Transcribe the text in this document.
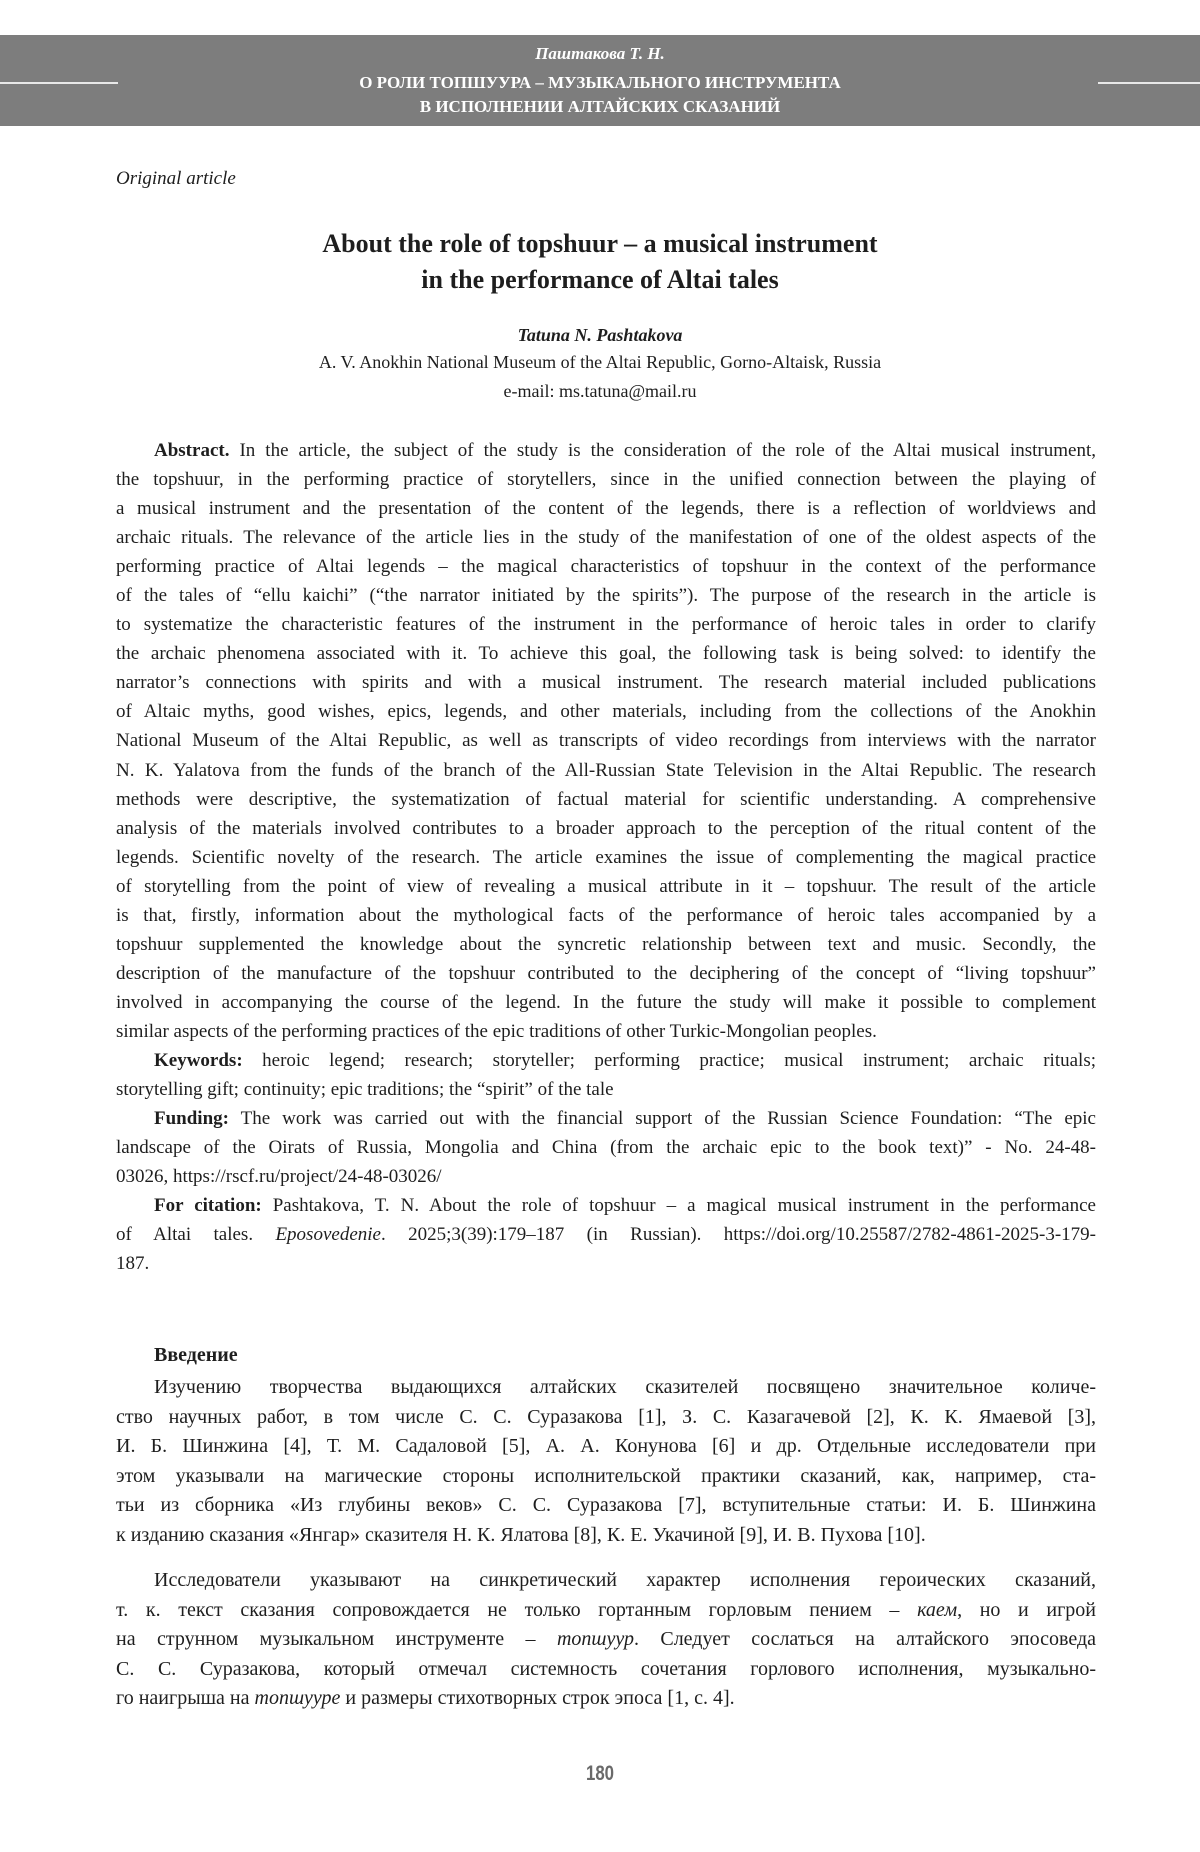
Паштакова Т. Н.
О РОЛИ ТОПШУУРА – МУЗЫКАЛЬНОГО ИНСТРУМЕНТА
В ИСПОЛНЕНИИ АЛТАЙСКИХ СКАЗАНИЙ
Original article
About the role of topshuur – a musical instrument
in the performance of Altai tales
Tatuna N. Pashtakova
A. V. Anokhin National Museum of the Altai Republic, Gorno-Altaisk, Russia
e-mail: ms.tatuna@mail.ru
Abstract. In the article, the subject of the study is the consideration of the role of the Altai musical instrument,
the topshuur, in the performing practice of storytellers, since in the unified connection between the playing of
a musical instrument and the presentation of the content of the legends, there is a reflection of worldviews and
archaic rituals. The relevance of the article lies in the study of the manifestation of one of the oldest aspects of the
performing practice of Altai legends – the magical characteristics of topshuur in the context of the performance
of the tales of “ellu kaichi” (“the narrator initiated by the spirits”). The purpose of the research in the article is
to systematize the characteristic features of the instrument in the performance of heroic tales in order to clarify
the archaic phenomena associated with it. To achieve this goal, the following task is being solved: to identify the
narrator’s connections with spirits and with a musical instrument. The research material included publications
of Altaic myths, good wishes, epics, legends, and other materials, including from the collections of the Anokhin
National Museum of the Altai Republic, as well as transcripts of video recordings from interviews with the narrator
N. K. Yalatova from the funds of the branch of the All-Russian State Television in the Altai Republic. The research
methods were descriptive, the systematization of factual material for scientific understanding. A comprehensive
analysis of the materials involved contributes to a broader approach to the perception of the ritual content of the
legends. Scientific novelty of the research. The article examines the issue of complementing the magical practice
of storytelling from the point of view of revealing a musical attribute in it – topshuur. The result of the article
is that, firstly, information about the mythological facts of the performance of heroic tales accompanied by a
topshuur supplemented the knowledge about the syncretic relationship between text and music. Secondly, the
description of the manufacture of the topshuur contributed to the deciphering of the concept of “living topshuur”
involved in accompanying the course of the legend. In the future the study will make it possible to complement
similar aspects of the performing practices of the epic traditions of other Turkic-Mongolian peoples.
Keywords: heroic legend; research; storyteller; performing practice; musical instrument; archaic rituals;
storytelling gift; continuity; epic traditions; the “spirit” of the tale
Funding: The work was carried out with the financial support of the Russian Science Foundation: “The epic
landscape of the Oirats of Russia, Mongolia and China (from the archaic epic to the book text)” - No. 24-48-
03026, https://rscf.ru/project/24-48-03026/
For citation: Pashtakova, T. N. About the role of topshuur – a magical musical instrument in the performance
of Altai tales. Eposovedenie. 2025;3(39):179–187 (in Russian). https://doi.org/10.25587/2782-4861-2025-3-179-
187.
Введение
Изучению творчества выдающихся алтайских сказителей посвящено значительное количе-
ство научных работ, в том числе С. С. Суразакова [1], З. С. Казагачевой [2], К. К. Ямаевой [3],
И. Б. Шинжина [4], Т. М. Садаловой [5], А. А. Конунова [6] и др. Отдельные исследователи при
этом указывали на магические стороны исполнительской практики сказаний, как, например, ста-
тьи из сборника «Из глубины веков» С. С. Суразакова [7], вступительные статьи: И. Б. Шинжина
к изданию сказания «Янгар» сказителя Н. К. Ялатова [8], К. Е. Укачиной [9], И. В. Пухова [10].
Исследователи указывают на синкретический характер исполнения героических сказаний,
т. к. текст сказания сопровождается не только гортанным горловым пением – каем, но и игрой
на струнном музыкальном инструменте – топшуур. Следует сослаться на алтайского эпосоведа
С. С. Суразакова, который отмечал системность сочетания горлового исполнения, музыкально-
го наигрыша на топшууре и размеры стихотворных строк эпоса [1, с. 4].
180
